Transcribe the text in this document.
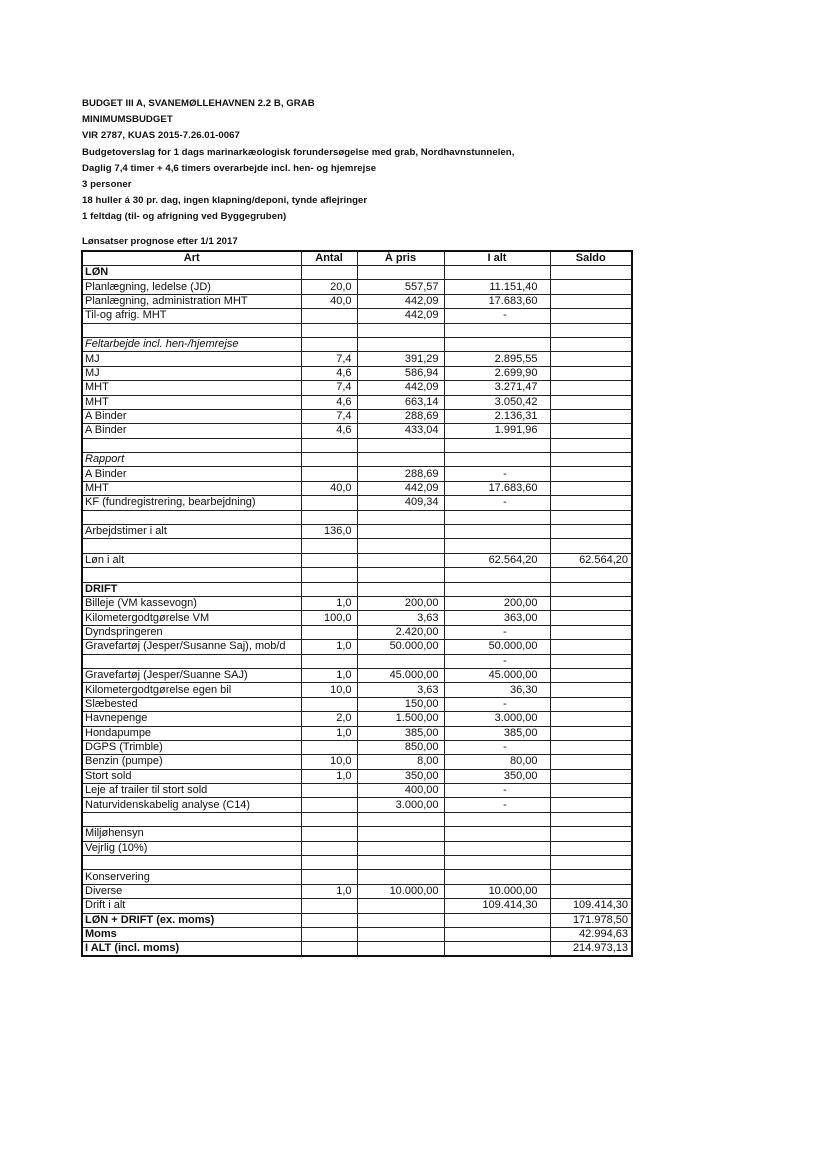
BUDGET III A, SVANEMØLLEHAVNEN 2.2 B, GRAB
MINIMUMSBUDGET
VIR 2787, KUAS 2015-7.26.01-0067
Budgetoverslag for 1 dags marinarkæologisk forundersøgelse med grab, Nordhavnstunnelen,
Daglig 7,4 timer + 4,6 timers overarbejde incl. hen- og hjemrejse
3 personer
18 huller á 30 pr. dag, ingen klapning/deponi, tynde aflejringer
1 feltdag (til- og afrigning ved Byggegruben)
Lønsatser prognose efter 1/1 2017
Art	Antal	Á pris	I alt	Saldo
LØN				
Planlægning, ledelse (JD)	20,0	557,57	11.151,40	
Planlægning, administration MHT	40,0	442,09	17.683,60	
Til-og afrig. MHT		442,09	-	

Feltarbejde incl. hen-/hjemrejse				
MJ	7,4	391,29	2.895,55	
MJ	4,6	586,94	2.699,90	
MHT	7,4	442,09	3.271,47	
MHT	4,6	663,14	3.050,42	
A Binder	7,4	288,69	2.136,31	
A Binder	4,6	433,04	1.991,96	

Rapport				
A Binder		288,69	-	
MHT	40,0	442,09	17.683,60	
KF (fundregistrering, bearbejdning)		409,34	-	

Arbejdstimer i alt	136,0			

Løn i alt			62.564,20	62.564,20

DRIFT				
Billeje (VM kassevogn)	1,0	200,00	200,00	
Kilometergodtgørelse VM	100,0	3,63	363,00	
Dyndspringeren		2.420,00	-	
Gravefartøj (Jesper/Susanne Saj), mob/d	1,0	50.000,00	50.000,00	
			-	
Gravefartøj (Jesper/Suanne SAJ)	1,0	45.000,00	45.000,00	
Kilometergodtgørelse egen bil	10,0	3,63	36,30	
Slæbested		150,00	-	
Havnepenge	2,0	1.500,00	3.000,00	
Hondapumpe	1,0	385,00	385,00	
DGPS (Trimble)		850,00	-	
Benzin (pumpe)	10,0	8,00	80,00	
Stort sold	1,0	350,00	350,00	
Leje af trailer til stort sold		400,00	-	
Naturvidenskabelig analyse (C14)		3.000,00	-	

Miljøhensyn				
Vejrlig (10%)				

Konservering				
Diverse	1,0	10.000,00	10.000,00	
Drift i alt			109.414,30	109.414,30
LØN + DRIFT (ex. moms)				171.978,50
Moms				42.994,63
I ALT (incl. moms)				214.973,13
